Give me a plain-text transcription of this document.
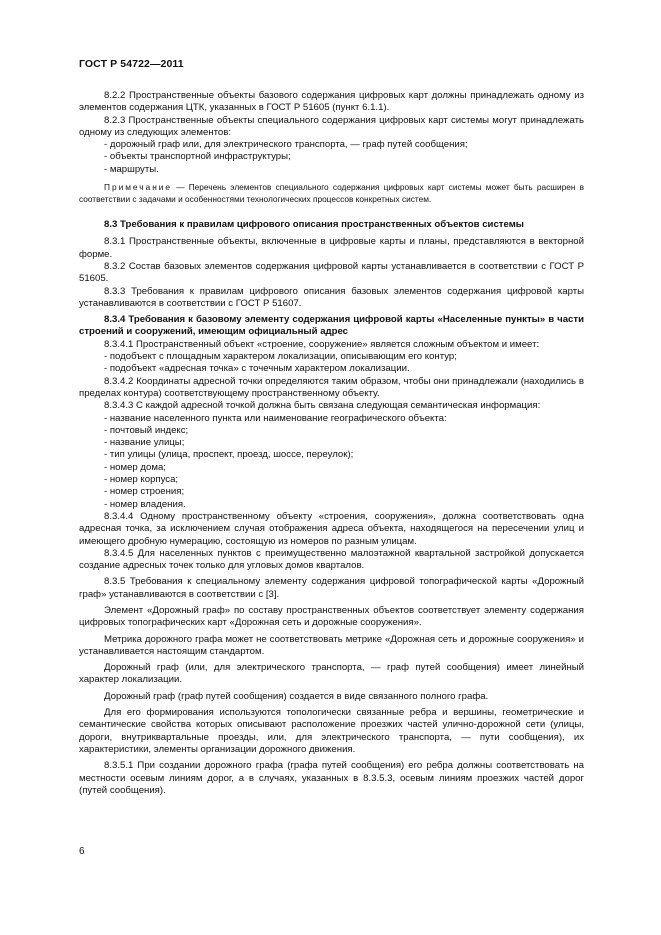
ГОСТ Р 54722—2011

8.2.2 Пространственные объекты базового содержания цифровых карт должны принадлежать одному из элементов содержания ЦТК, указанных в ГОСТ Р 51605 (пункт 6.1.1).

8.2.3 Пространственные объекты специального содержания цифровых карт системы могут принадлежать одному из следующих элементов:

- дорожный граф или, для электрического транспорта, — граф путей сообщения;

- объекты транспортной инфраструктуры;

- маршруты.

Примечание — Перечень элементов специального содержания цифровых карт системы может быть расширен в соответствии с задачами и особенностями технологических процессов конкретных систем.

8.3 Требования к правилам цифрового описания пространственных объектов системы

8.3.1 Пространственные объекты, включенные в цифровые карты и планы, представляются в векторной форме.

8.3.2 Состав базовых элементов содержания цифровой карты устанавливается в соответствии с ГОСТ Р 51605.

8.3.3 Требования к правилам цифрового описания базовых элементов содержания цифровой карты устанавливаются в соответствии с ГОСТ Р 51607.

8.3.4 Требования к базовому элементу содержания цифровой карты «Населенные пункты» в части строений и сооружений, имеющим официальный адрес

8.3.4.1 Пространственный объект «строение, сооружение» является сложным объектом и имеет:

- подобъект с площадным характером локализации, описывающим его контур;

- подобъект «адресная точка» с точечным характером локализации.

8.3.4.2 Координаты адресной точки определяются таким образом, чтобы они принадлежали (находились в пределах контура) соответствующему пространственному объекту.

8.3.4.3 С каждой адресной точкой должна быть связана следующая семантическая информация:

- название населенного пункта или наименование географического объекта:

- почтовый индекс;

- название улицы;

- тип улицы (улица, проспект, проезд, шоссе, переулок);

- номер дома;

- номер корпуса;

- номер строения;

- номер владения.

8.3.4.4 Одному пространственному объекту «строения, сооружения», должна соответствовать одна адресная точка, за исключением случая отображения адреса объекта, находящегося на пересечении улиц и имеющего дробную нумерацию, состоящую из номеров по разным улицам.

8.3.4.5 Для населенных пунктов с преимущественно малоэтажной квартальной застройкой допускается создание адресных точек только для угловых домов кварталов.

8.3.5 Требования к специальному элементу содержания цифровой топографической карты «Дорожный граф» устанавливаются в соответствии с [3].

Элемент «Дорожный граф» по составу пространственных объектов соответствует элементу содержания цифровых топографических карт «Дорожная сеть и дорожные сооружения».

Метрика дорожного графа может не соответствовать метрике «Дорожная сеть и дорожные сооружения» и устанавливается настоящим стандартом.

Дорожный граф (или, для электрического транспорта, — граф путей сообщения) имеет линейный характер локализации.

Дорожный граф (граф путей сообщения) создается в виде связанного полного графа.

Для его формирования используются топологически связанные ребра и вершины, геометрические и семантические свойства которых описывают расположение проезжих частей улично-дорожной сети (улицы, дороги, внутриквартальные проезды, или, для электрического транспорта, — пути сообщения), их характеристики, элементы организации дорожного движения.

8.3.5.1 При создании дорожного графа (графа путей сообщения) его ребра должны соответствовать на местности осевым линиям дорог, а в случаях, указанных в 8.3.5.3, осевым линиям проезжих частей дорог (путей сообщения).

6
